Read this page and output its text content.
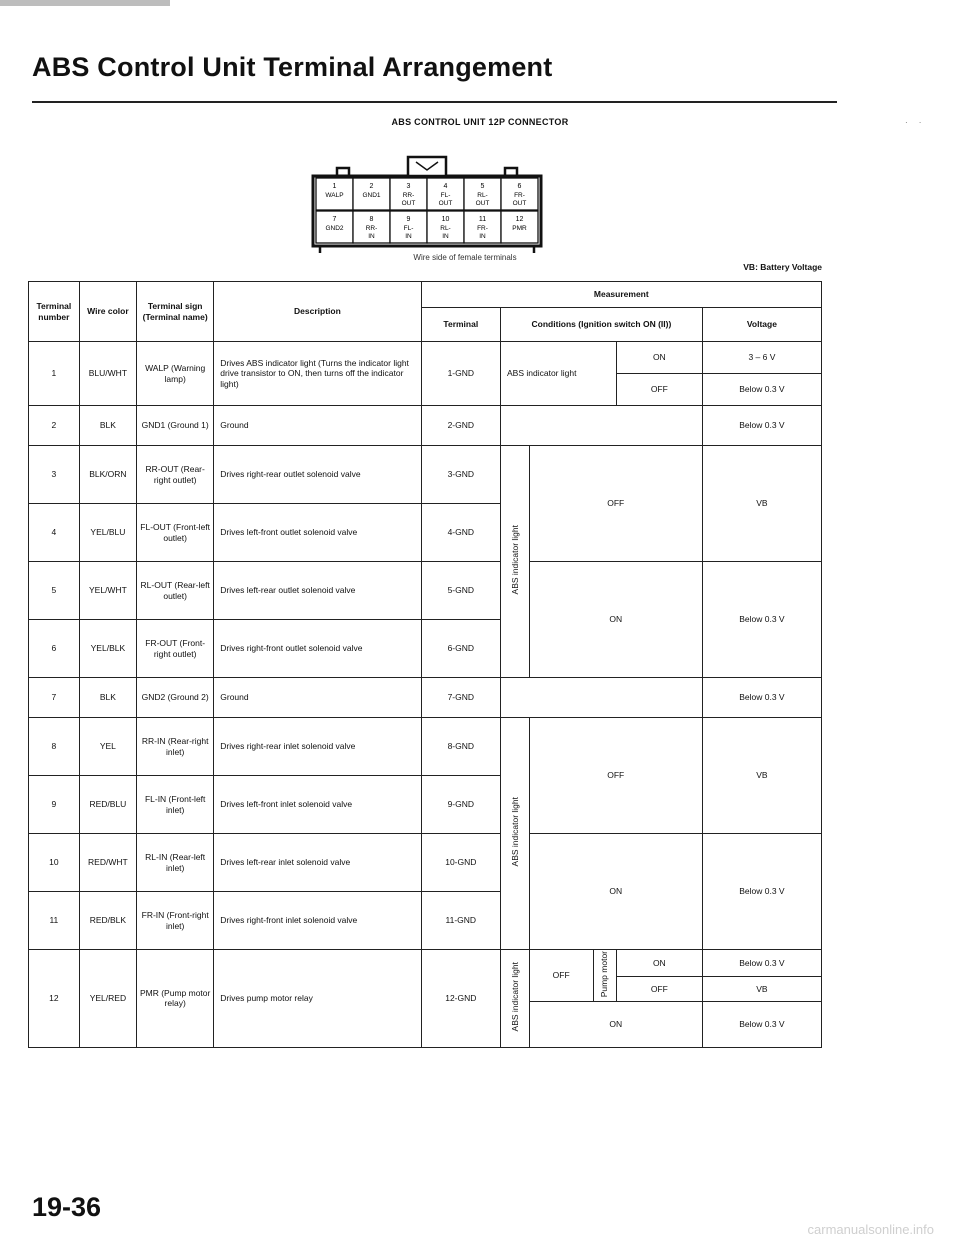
ABS Control Unit Terminal Arrangement
·     ·
ABS CONTROL UNIT 12P CONNECTOR
1
WALP
2
GND1
3
RR-
OUT
4
FL-
OUT
5
RL-
OUT
6
FR-
OUT
7
GND2
8
RR-
IN
9
FL-
IN
10
RL-
IN
11
FR-
IN
12
PMR
Wire side of female terminals
VB: Battery Voltage
Terminal number	Wire color	Terminal sign (Terminal name)	Description	Measurement					
				Terminal	Conditions (Ignition switch ON (II))				Voltage
1	BLU/WHT	WALP (Warning lamp)	Drives ABS indicator light (Turns the indicator light drive transistor to ON, then turns off the indicator light)	1-GND	ABS indicator light			ON	3 – 6 V
								OFF	Below 0.3 V
2	BLK	GND1 (Ground 1)	Ground	2-GND					Below 0.3 V
3	BLK/ORN	RR-OUT (Rear-right outlet)	Drives right-rear outlet solenoid valve	3-GND	ABS indicator light	OFF			VB
4	YEL/BLU	FL-OUT (Front-left outlet)	Drives left-front outlet solenoid valve	4-GND					
5	YEL/WHT	RL-OUT (Rear-left outlet)	Drives left-rear outlet solenoid valve	5-GND		ON			Below 0.3 V
6	YEL/BLK	FR-OUT (Front-right outlet)	Drives right-front outlet solenoid valve	6-GND					
7	BLK	GND2 (Ground 2)	Ground	7-GND					Below 0.3 V
8	YEL	RR-IN (Rear-right inlet)	Drives right-rear inlet solenoid valve	8-GND	ABS indicator light	OFF			VB
9	RED/BLU	FL-IN (Front-left inlet)	Drives left-front inlet solenoid valve	9-GND					
10	RED/WHT	RL-IN (Rear-left inlet)	Drives left-rear inlet solenoid valve	10-GND		ON			Below 0.3 V
11	RED/BLK	FR-IN (Front-right inlet)	Drives right-front inlet solenoid valve	11-GND					
12	YEL/RED	PMR (Pump motor relay)	Drives pump motor relay	12-GND	ABS indicator light	OFF	Pump motor	ON	Below 0.3 V
								OFF	VB
						ON			Below 0.3 V
19-36
carmanualsonline.info
